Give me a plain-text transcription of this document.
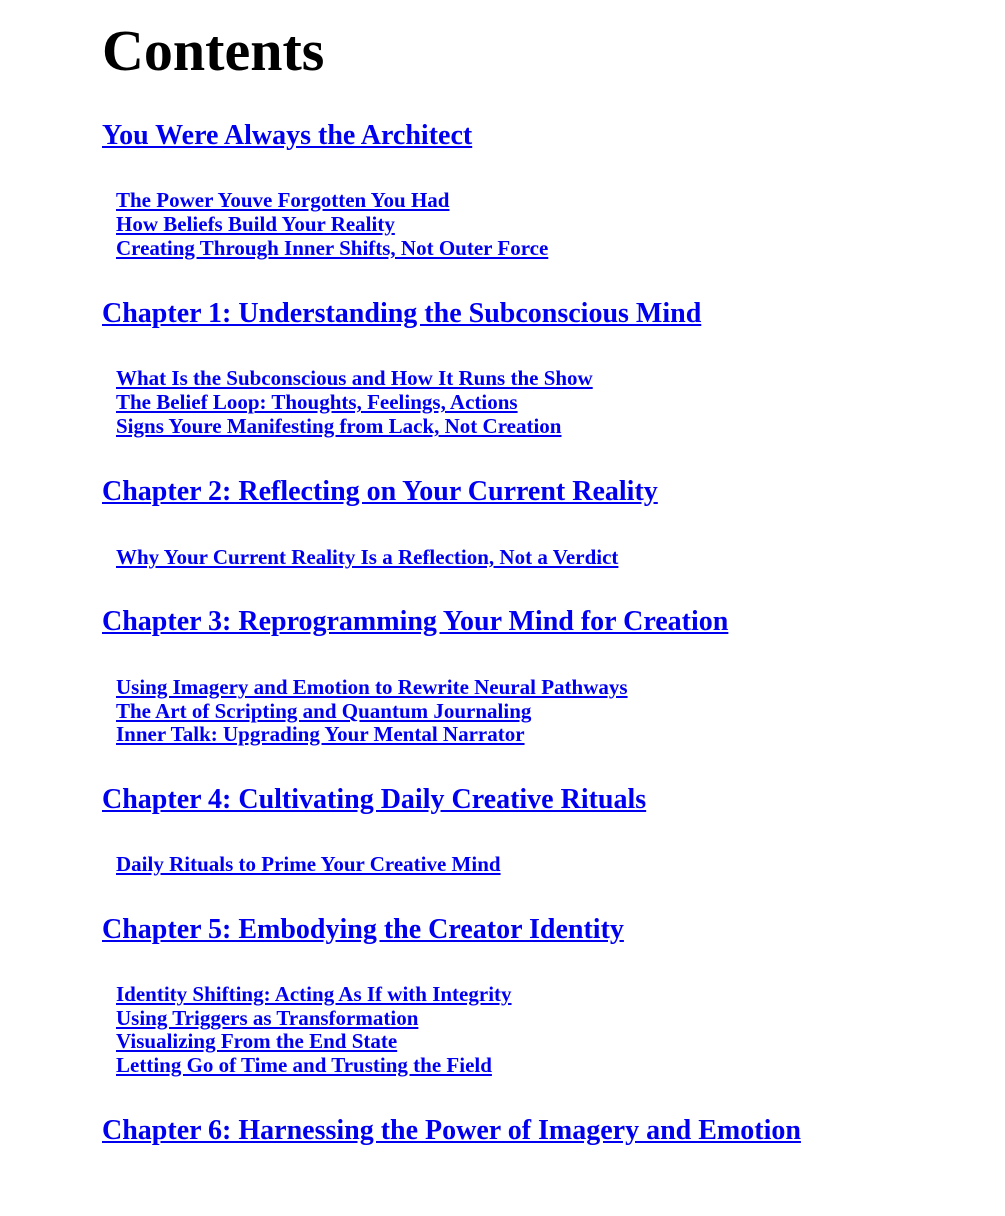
Contents
You Were Always the Architect
The Power Youve Forgotten You Had
How Beliefs Build Your Reality
Creating Through Inner Shifts, Not Outer Force
Chapter 1: Understanding the Subconscious Mind
What Is the Subconscious and How It Runs the Show
The Belief Loop: Thoughts, Feelings, Actions
Signs Youre Manifesting from Lack, Not Creation
Chapter 2: Reflecting on Your Current Reality
Why Your Current Reality Is a Reflection, Not a Verdict
Chapter 3: Reprogramming Your Mind for Creation
Using Imagery and Emotion to Rewrite Neural Pathways
The Art of Scripting and Quantum Journaling
Inner Talk: Upgrading Your Mental Narrator
Chapter 4: Cultivating Daily Creative Rituals
Daily Rituals to Prime Your Creative Mind
Chapter 5: Embodying the Creator Identity
Identity Shifting: Acting As If with Integrity
Using Triggers as Transformation
Visualizing From the End State
Letting Go of Time and Trusting the Field
Chapter 6: Harnessing the Power of Imagery and Emotion
